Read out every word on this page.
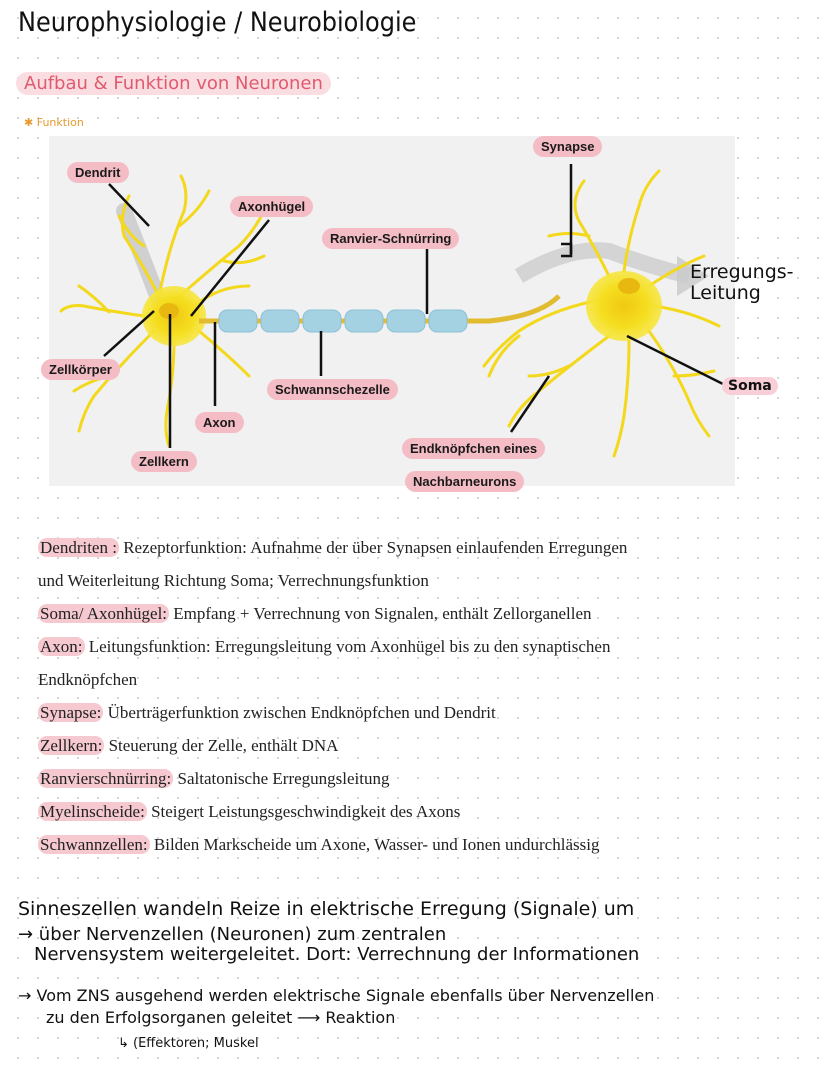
Neurophysiologie / Neurobiologie
Aufbau & Funktion von Neuronen
✱ Funktion
Dendrit
Axonhügel
Ranvier-Schnürring
Synapse
Zellkörper
Schwannschezelle
Axon
Zellkern
Endknöpfchen eines
Nachbarneurons
Erregungs-
Leitung
Soma
Dendriten : Rezeptorfunktion: Aufnahme der über Synapsen einlaufenden Erregungen
und Weiterleitung Richtung Soma; Verrechnungsfunktion
Soma/ Axonhügel: Empfang + Verrechnung von Signalen, enthält Zellorganellen
Axon: Leitungsfunktion: Erregungsleitung vom Axonhügel bis zu den synaptischen
Endknöpfchen
Synapse: Überträgerfunktion zwischen Endknöpfchen und Dendrit
Zellkern: Steuerung der Zelle, enthält DNA
Ranvierschnürring: Saltatonische Erregungsleitung
Myelinscheide: Steigert Leistungsgeschwindigkeit des Axons
Schwannzellen: Bilden Markscheide um Axone, Wasser- und Ionen undurchlässig
Sinneszellen wandeln Reize in elektrische Erregung (Signale) um
→ über Nervenzellen (Neuronen) zum zentralen
Nervensystem weitergeleitet. Dort: Verrechnung der Informationen
→ Vom ZNS ausgehend werden elektrische Signale ebenfalls über Nervenzellen
zu den Erfolgsorganen geleitet ⟶ Reaktion
↳ (Effektoren; Muskel
